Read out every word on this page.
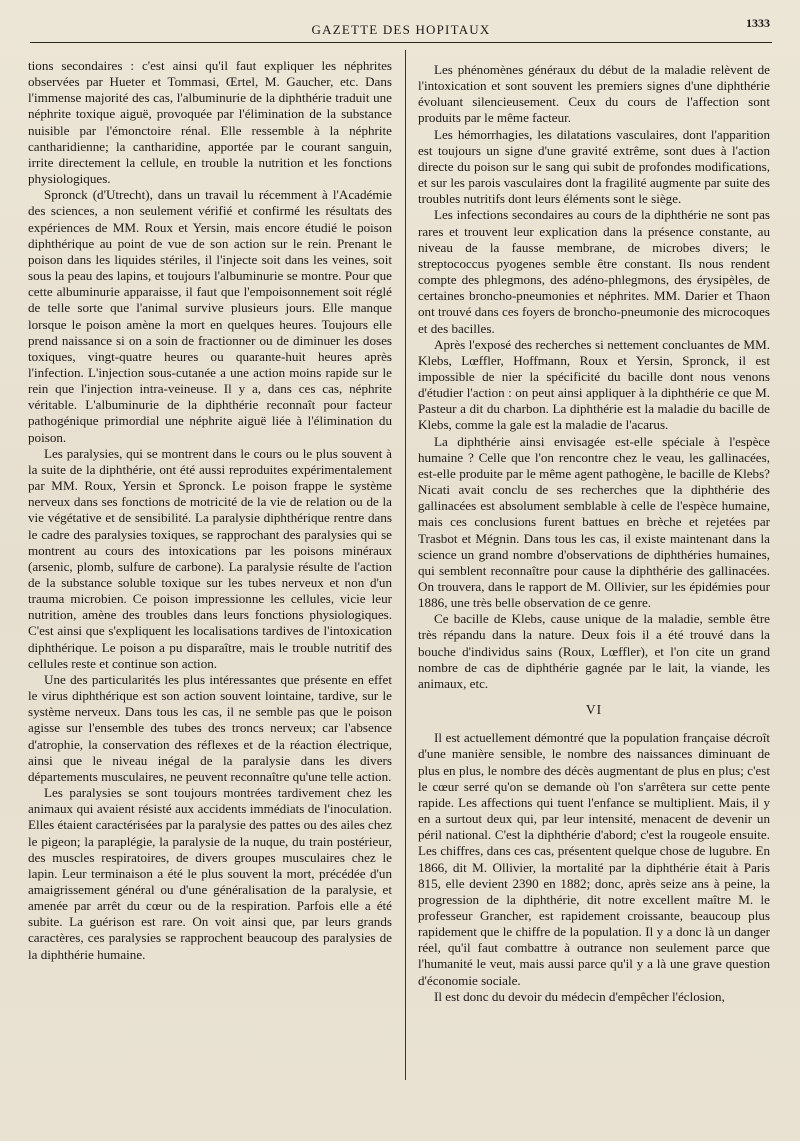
GAZETTE DES HOPITAUX	1333

tions secondaires : c'est ainsi qu'il faut expliquer les néphrites observées par Hueter et Tommasi, Œrtel, M. Gaucher, etc. Dans l'immense majorité des cas, l'albuminurie de la diphthérie traduit une néphrite toxique aiguë, provoquée par l'élimination de la substance nuisible par l'émonctoire rénal. Elle ressemble à la néphrite cantharidienne; la cantharidine, apportée par le courant sanguin, irrite directement la cellule, en trouble la nutrition et les fonctions physiologiques.

Spronck (d'Utrecht), dans un travail lu récemment à l'Académie des sciences, a non seulement vérifié et confirmé les résultats des expériences de MM. Roux et Yersin, mais encore étudié le poison diphthérique au point de vue de son action sur le rein. Prenant le poison dans les liquides stériles, il l'injecte soit dans les veines, soit sous la peau des lapins, et toujours l'albuminurie se montre. Pour que cette albuminurie apparaisse, il faut que l'empoisonnement soit réglé de telle sorte que l'animal survive plusieurs jours. Elle manque lorsque le poison amène la mort en quelques heures. Toujours elle prend naissance si on a soin de fractionner ou de diminuer les doses toxiques, vingt-quatre heures ou quarante-huit heures après l'infection. L'injection sous-cutanée a une action moins rapide sur le rein que l'injection intra-veineuse. Il y a, dans ces cas, néphrite véritable. L'albuminurie de la diphthérie reconnaît pour facteur pathogénique primordial une néphrite aiguë liée à l'élimination du poison.

Les paralysies, qui se montrent dans le cours ou le plus souvent à la suite de la diphthérie, ont été aussi reproduites expérimentalement par MM. Roux, Yersin et Spronck. Le poison frappe le système nerveux dans ses fonctions de motricité de la vie de relation ou de la vie végétative et de sensibilité. La paralysie diphthérique rentre dans le cadre des paralysies toxiques, se rapprochant des paralysies qui se montrent au cours des intoxications par les poisons minéraux (arsenic, plomb, sulfure de carbone). La paralysie résulte de l'action de la substance soluble toxique sur les tubes nerveux et non d'un trauma microbien. Ce poison impressionne les cellules, vicie leur nutrition, amène des troubles dans leurs fonctions physiologiques. C'est ainsi que s'expliquent les localisations tardives de l'intoxication diphthérique. Le poison a pu disparaître, mais le trouble nutritif des cellules reste et continue son action.

Une des particularités les plus intéressantes que présente en effet le virus diphthérique est son action souvent lointaine, tardive, sur le système nerveux. Dans tous les cas, il ne semble pas que le poison agisse sur l'ensemble des tubes des troncs nerveux; car l'absence d'atrophie, la conservation des réflexes et de la réaction électrique, ainsi que le niveau inégal de la paralysie dans les divers départements musculaires, ne peuvent reconnaître qu'une telle action.

Les paralysies se sont toujours montrées tardivement chez les animaux qui avaient résisté aux accidents immédiats de l'inoculation. Elles étaient caractérisées par la paralysie des pattes ou des ailes chez le pigeon; la paraplégie, la paralysie de la nuque, du train postérieur, des muscles respiratoires, de divers groupes musculaires chez le lapin. Leur terminaison a été le plus souvent la mort, précédée d'un amaigrissement général ou d'une généralisation de la paralysie, et amenée par arrêt du cœur ou de la respiration. Parfois elle a été subite. La guérison est rare. On voit ainsi que, par leurs grands caractères, ces paralysies se rapprochent beaucoup des paralysies de la diphthérie humaine.

Les phénomènes généraux du début de la maladie relèvent de l'intoxication et sont souvent les premiers signes d'une diphthérie évoluant silencieusement. Ceux du cours de l'affection sont produits par le même facteur.

Les hémorrhagies, les dilatations vasculaires, dont l'apparition est toujours un signe d'une gravité extrême, sont dues à l'action directe du poison sur le sang qui subit de profondes modifications, et sur les parois vasculaires dont la fragilité augmente par suite des troubles nutritifs dont leurs éléments sont le siège.

Les infections secondaires au cours de la diphthérie ne sont pas rares et trouvent leur explication dans la présence constante, au niveau de la fausse membrane, de microbes divers; le streptococcus pyogenes semble être constant. Ils nous rendent compte des phlegmons, des adéno-phlegmons, des érysipèles, de certaines broncho-pneumonies et néphrites. MM. Darier et Thaon ont trouvé dans ces foyers de broncho-pneumonie des microcoques et des bacilles.

Après l'exposé des recherches si nettement concluantes de MM. Klebs, Lœffler, Hoffmann, Roux et Yersin, Spronck, il est impossible de nier la spécificité du bacille dont nous venons d'étudier l'action : on peut ainsi appliquer à la diphthérie ce que M. Pasteur a dit du charbon. La diphthérie est la maladie du bacille de Klebs, comme la gale est la maladie de l'acarus.

La diphthérie ainsi envisagée est-elle spéciale à l'espèce humaine ? Celle que l'on rencontre chez le veau, les gallinacées, est-elle produite par le même agent pathogène, le bacille de Klebs? Nicati avait conclu de ses recherches que la diphthérie des gallinacées est absolument semblable à celle de l'espèce humaine, mais ces conclusions furent battues en brèche et rejetées par Trasbot et Mégnin. Dans tous les cas, il existe maintenant dans la science un grand nombre d'observations de diphthéries humaines, qui semblent reconnaître pour cause la diphthérie des gallinacées. On trouvera, dans le rapport de M. Ollivier, sur les épidémies pour 1886, une très belle observation de ce genre.

Ce bacille de Klebs, cause unique de la maladie, semble être très répandu dans la nature. Deux fois il a été trouvé dans la bouche d'individus sains (Roux, Lœffler), et l'on cite un grand nombre de cas de diphthérie gagnée par le lait, la viande, les animaux, etc.

VI

Il est actuellement démontré que la population française décroît d'une manière sensible, le nombre des naissances diminuant de plus en plus, le nombre des décès augmentant de plus en plus; c'est le cœur serré qu'on se demande où l'on s'arrêtera sur cette pente rapide. Les affections qui tuent l'enfance se multiplient. Mais, il y en a surtout deux qui, par leur intensité, menacent de devenir un péril national. C'est la diphthérie d'abord; c'est la rougeole ensuite. Les chiffres, dans ces cas, présentent quelque chose de lugubre. En 1866, dit M. Ollivier, la mortalité par la diphthérie était à Paris 815, elle devient 2390 en 1882; donc, après seize ans à peine, la progression de la diphthérie, dit notre excellent maître M. le professeur Grancher, est rapidement croissante, beaucoup plus rapidement que le chiffre de la population. Il y a donc là un danger réel, qu'il faut combattre à outrance non seulement parce que l'humanité le veut, mais aussi parce qu'il y a là une grave question d'économie sociale.

Il est donc du devoir du médecin d'empêcher l'éclosion,
